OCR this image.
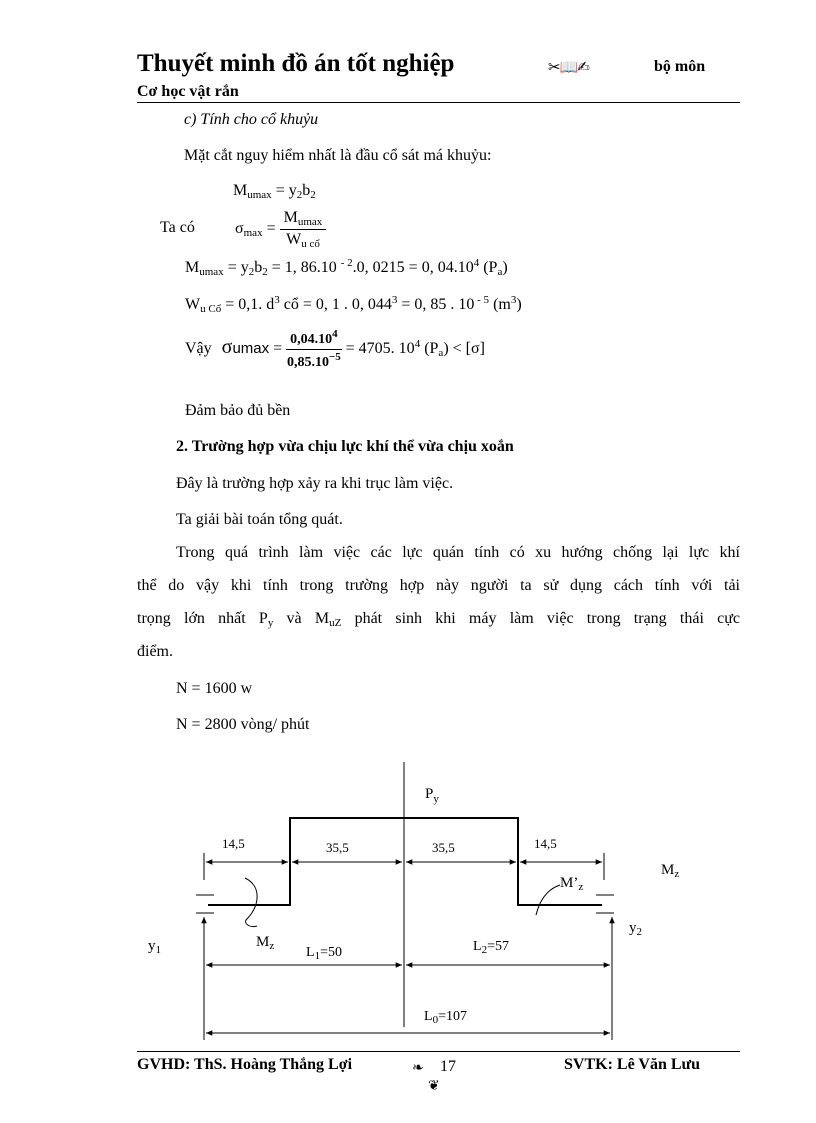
Thuyết minh đồ án tốt nghiệp	✂📖✍	bộ môn
Cơ học vật rắn
c) Tính cho cổ khuỷu
Mặt cắt nguy hiểm nhất là đầu cổ sát má khuỷu:
Mumax = y2b2
Ta có	$\sigma\max = \frac{Mumax}{\text{Wu cổ}}$
Mumax = y2b2 = 1, 86.10 $^{- 2}$.0, 0215 = 0, 04.10$^4$ (Pa)
Wu Cổ = 0,1. $d^3$ cổ = 0, 1 . 0, $044^3 = 0$, 85 . 10 $^{- 5}$ $(m^3)$
Vậy $\sigma umax = \frac{0,04.10^4}{0,85.10^{-5}} = 4705$. $10^4$ (Pa) < [σ]
Đảm bảo đủ bền
2. Trường hợp vừa chịu lực khí thể vừa chịu xoắn
Đây là trường hợp xảy ra khi trục làm việc.
Ta giải bài toán tổng quát.
Trong quá trình làm việc các lực quán tính có xu hướng chống lại lực khí
thể do vậy khi tính trong trường hợp này người ta sử dụng cách tính với tải
trọng lớn nhất Py và MuZ phát sinh khi máy làm việc trong trạng thái cực
điểm.
N = 1600 w
N = 2800 vòng/ phút
$P_y$
14,5	35,5	35,5	14,5
$M_z$
$M’_z$
$y_1$
$y_2$
$M_z$ $L_1=50$	$L_2=57$
$L_0=107$
GVHD: ThS. Hoàng Thắng Lợi	❧ 17
❦
SVTK: Lê Văn Lưu
